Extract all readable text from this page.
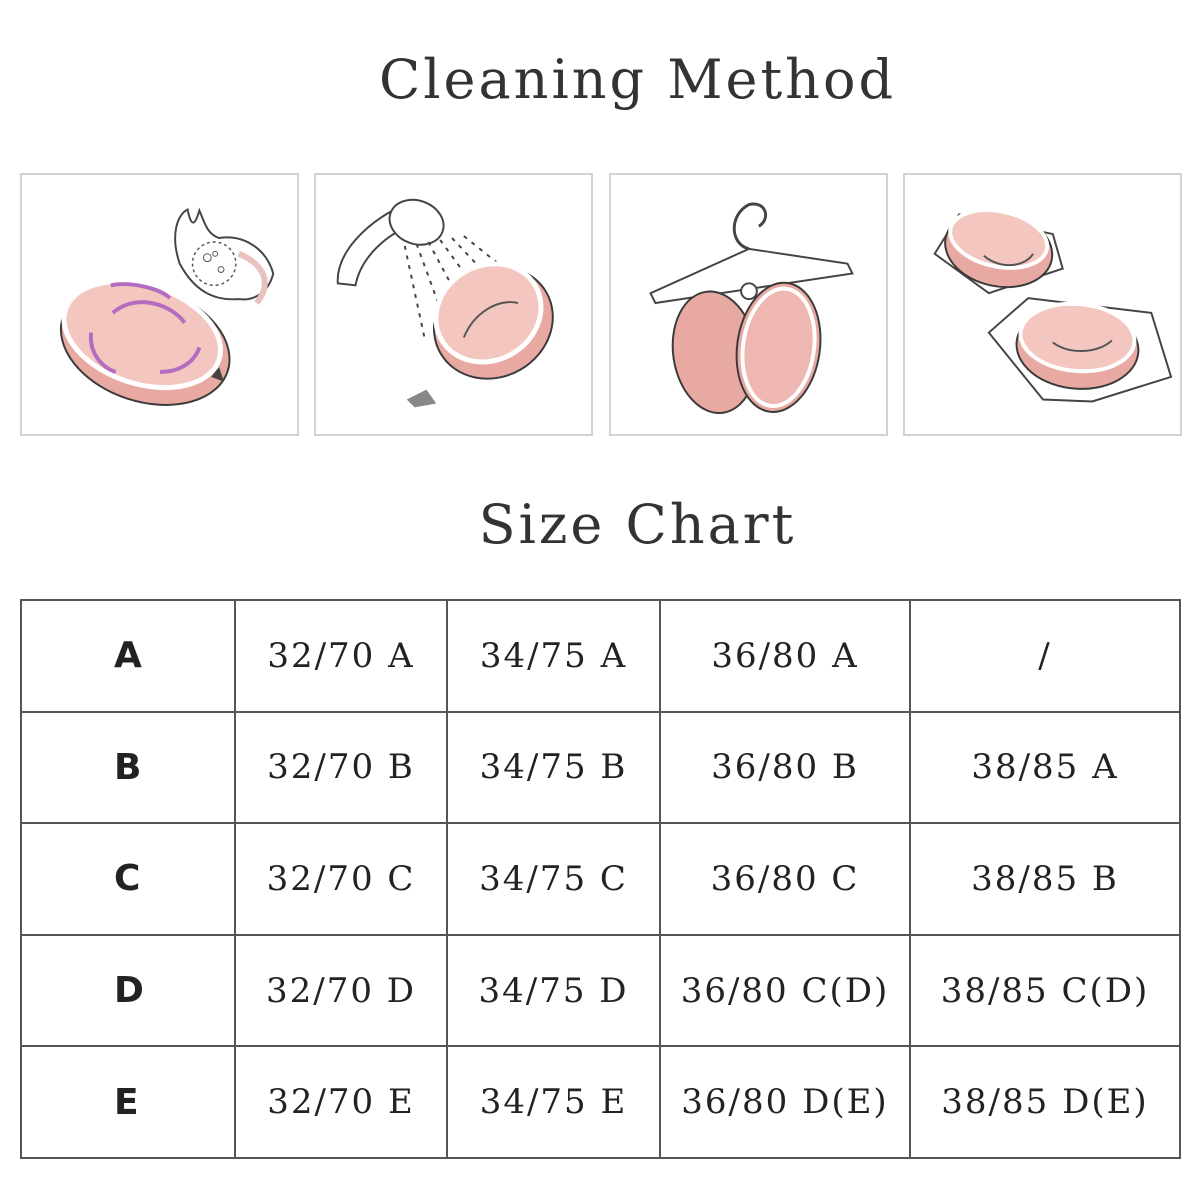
Cleaning Method
Size Chart
A	32/70 A	34/75 A	36/80 A	/
B	32/70 B	34/75 B	36/80 B	38/85 A
C	32/70 C	34/75 C	36/80 C	38/85 B
D	32/70 D	34/75 D	36/80 C(D)	38/85 C(D)
E	32/70 E	34/75 E	36/80 D(E)	38/85 D(E)
